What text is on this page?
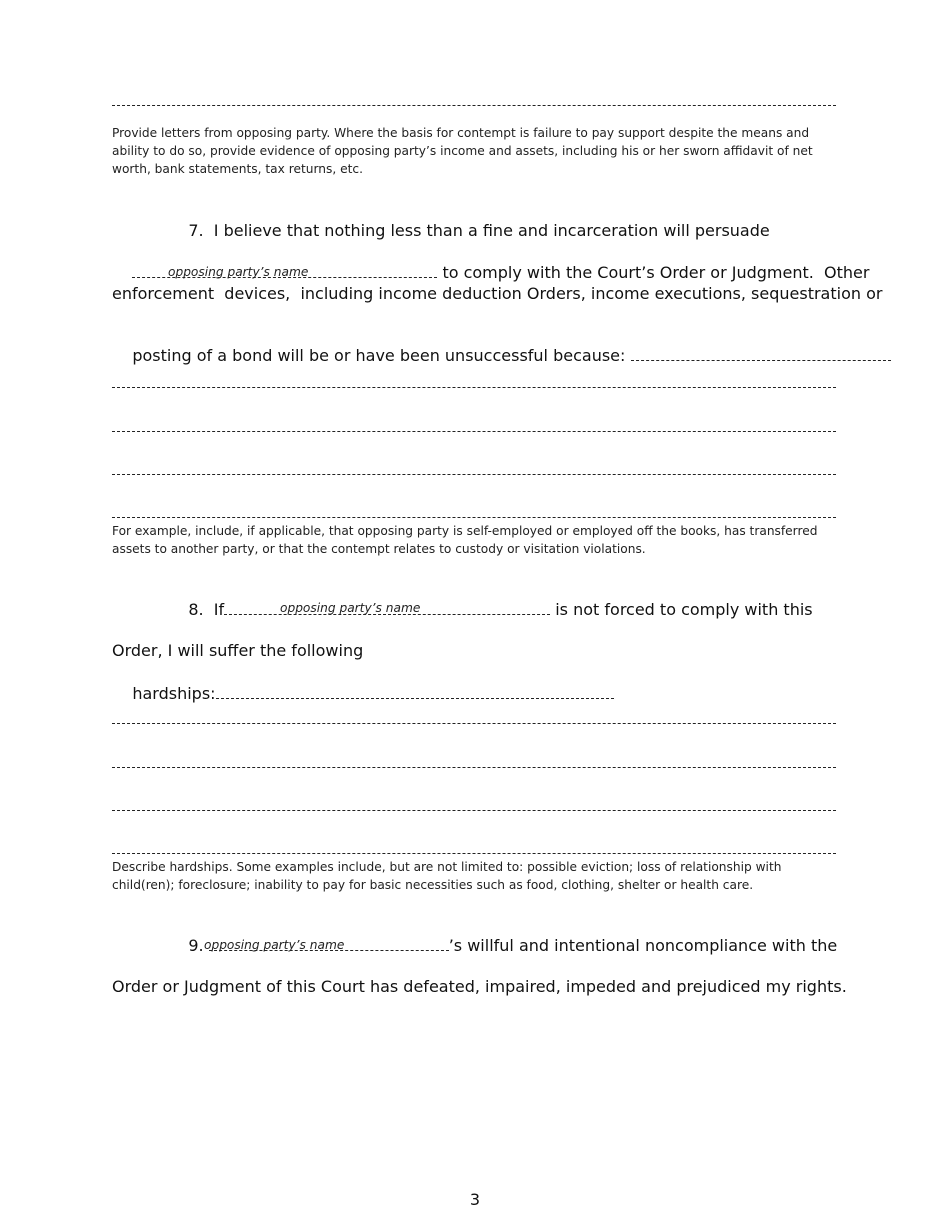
Provide letters from opposing party. Where the basis for contempt is failure to pay support despite the means and ability to do so, provide evidence of opposing party’s income and assets, including his or her sworn affidavit of net worth, bank statements, tax returns, etc.

7. I believe that nothing less than a fine and incarceration will persuade

to comply with the Court’s Order or Judgment.  Other

opposing party’s name
enforcement  devices,  including income deduction Orders, income executions, sequestration or

posting of a bond will be or have been unsuccessful because:

For example, include, if applicable, that opposing party is self-employed or employed off the books, has transferred assets to another party, or that the contempt relates to custody or visitation violations.

8. If	is not forced to comply with this

opposing party’s name
Order, I will suffer the following

hardships:

Describe hardships. Some examples include, but are not limited to: possible eviction; loss of relationship with child(ren); foreclosure; inability to pay for basic necessities such as food, clothing, shelter or health care.

9.	’s willful and intentional noncompliance with the

opposing party’s name
Order or Judgment of this Court has defeated, impaired, impeded and prejudiced my rights.
3
